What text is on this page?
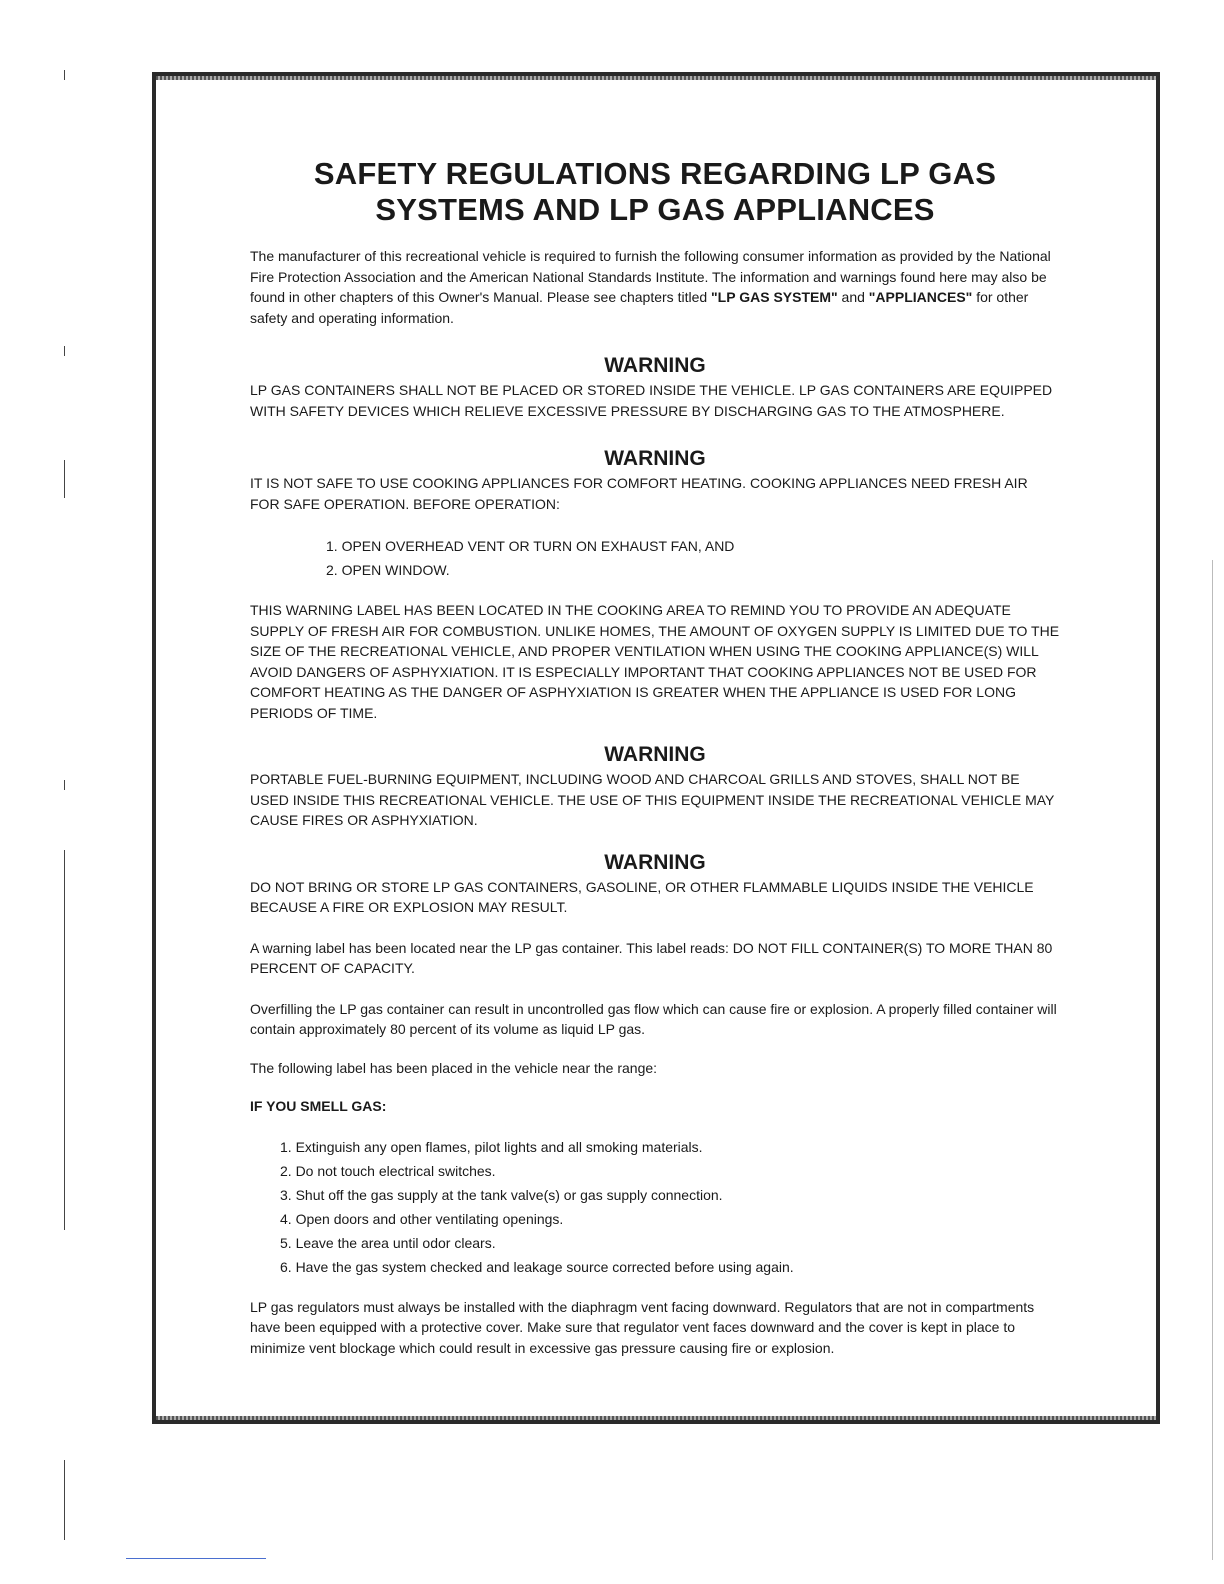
SAFETY REGULATIONS REGARDING LP GAS
SYSTEMS AND LP GAS APPLIANCES

The manufacturer of this recreational vehicle is required to furnish the following consumer information as provided by the National Fire Protection Association and the American National Standards Institute. The information and warnings found here may also be found in other chapters of this Owner's Manual. Please see chapters titled "LP GAS SYSTEM" and "APPLIANCES" for other safety and operating information.

WARNING

LP GAS CONTAINERS SHALL NOT BE PLACED OR STORED INSIDE THE VEHICLE. LP GAS CONTAINERS ARE EQUIPPED WITH SAFETY DEVICES WHICH RELIEVE EXCESSIVE PRESSURE BY DISCHARGING GAS TO THE ATMOSPHERE.

WARNING

IT IS NOT SAFE TO USE COOKING APPLIANCES FOR COMFORT HEATING. COOKING APPLIANCES NEED FRESH AIR FOR SAFE OPERATION. BEFORE OPERATION:

1. OPEN OVERHEAD VENT OR TURN ON EXHAUST FAN, AND
2. OPEN WINDOW.

THIS WARNING LABEL HAS BEEN LOCATED IN THE COOKING AREA TO REMIND YOU TO PROVIDE AN ADEQUATE SUPPLY OF FRESH AIR FOR COMBUSTION. UNLIKE HOMES, THE AMOUNT OF OXYGEN SUPPLY IS LIMITED DUE TO THE SIZE OF THE RECREATIONAL VEHICLE, AND PROPER VENTILATION WHEN USING THE COOKING APPLIANCE(S) WILL AVOID DANGERS OF ASPHYXIATION. IT IS ESPECIALLY IMPORTANT THAT COOKING APPLIANCES NOT BE USED FOR COMFORT HEATING AS THE DANGER OF ASPHYXIATION IS GREATER WHEN THE APPLIANCE IS USED FOR LONG PERIODS OF TIME.

WARNING

PORTABLE FUEL-BURNING EQUIPMENT, INCLUDING WOOD AND CHARCOAL GRILLS AND STOVES, SHALL NOT BE USED INSIDE THIS RECREATIONAL VEHICLE. THE USE OF THIS EQUIPMENT INSIDE THE RECREATIONAL VEHICLE MAY CAUSE FIRES OR ASPHYXIATION.

WARNING

DO NOT BRING OR STORE LP GAS CONTAINERS, GASOLINE, OR OTHER FLAMMABLE LIQUIDS INSIDE THE VEHICLE BECAUSE A FIRE OR EXPLOSION MAY RESULT.

A warning label has been located near the LP gas container. This label reads: DO NOT FILL CONTAINER(S) TO MORE THAN 80 PERCENT OF CAPACITY.

Overfilling the LP gas container can result in uncontrolled gas flow which can cause fire or explosion. A properly filled container will contain approximately 80 percent of its volume as liquid LP gas.

The following label has been placed in the vehicle near the range:

IF YOU SMELL GAS:

1. Extinguish any open flames, pilot lights and all smoking materials.
2. Do not touch electrical switches.
3. Shut off the gas supply at the tank valve(s) or gas supply connection.
4. Open doors and other ventilating openings.
5. Leave the area until odor clears.
6. Have the gas system checked and leakage source corrected before using again.

LP gas regulators must always be installed with the diaphragm vent facing downward. Regulators that are not in compartments have been equipped with a protective cover. Make sure that regulator vent faces downward and the cover is kept in place to minimize vent blockage which could result in excessive gas pressure causing fire or explosion.
